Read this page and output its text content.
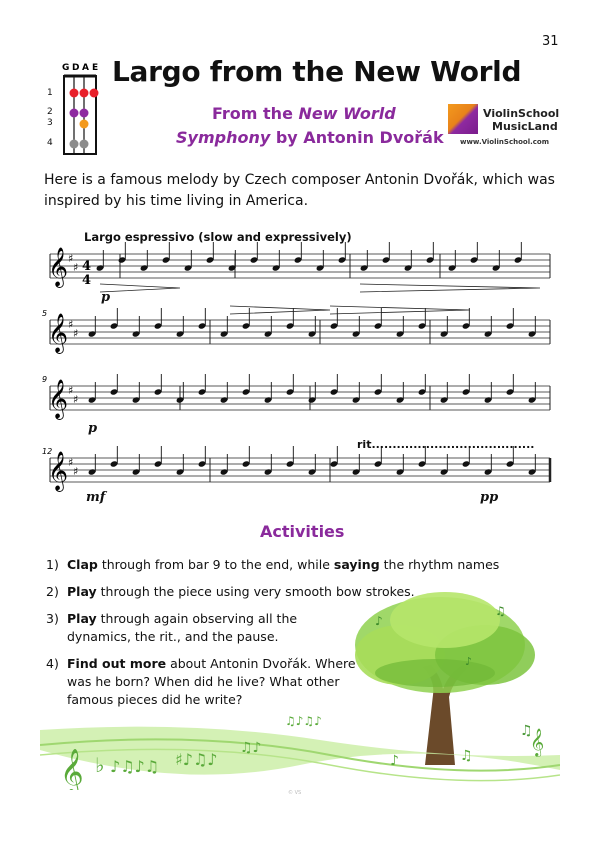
31
G D A E
1
2
3
4
Largo from the New World
From the New World
Symphony by Antonin Dvořák
ViolinSchool
MusicLand
www.ViolinSchool.com
Here is a famous melody by Czech composer Antonin Dvořák, which was inspired by his time living in America.
Largo espressivo (slow and expressively)
𝄞 ♯
♯
𝄞 ♯
♯
𝄞 ♯
♯
𝄞 ♯
♯
4
4
5
9
12
p
p
mf	pp
rit.......................................
Activities
1) Clap through from bar 9 to the end, while saying the rhythm names
2) Play through the piece using very smooth bow strokes.
3) Play through again observing all the dynamics, the rit., and the pause.
4) Find out more about Antonin Dvořák. Where was he born? When did he live? What other famous pieces did he write?
♪
♫
♪
♫
𝄞 ♭ ♪♫♪♫ ♯♪♫♪
♫♪
♫♪♫♪
♪	♫ 𝄞
© VS
